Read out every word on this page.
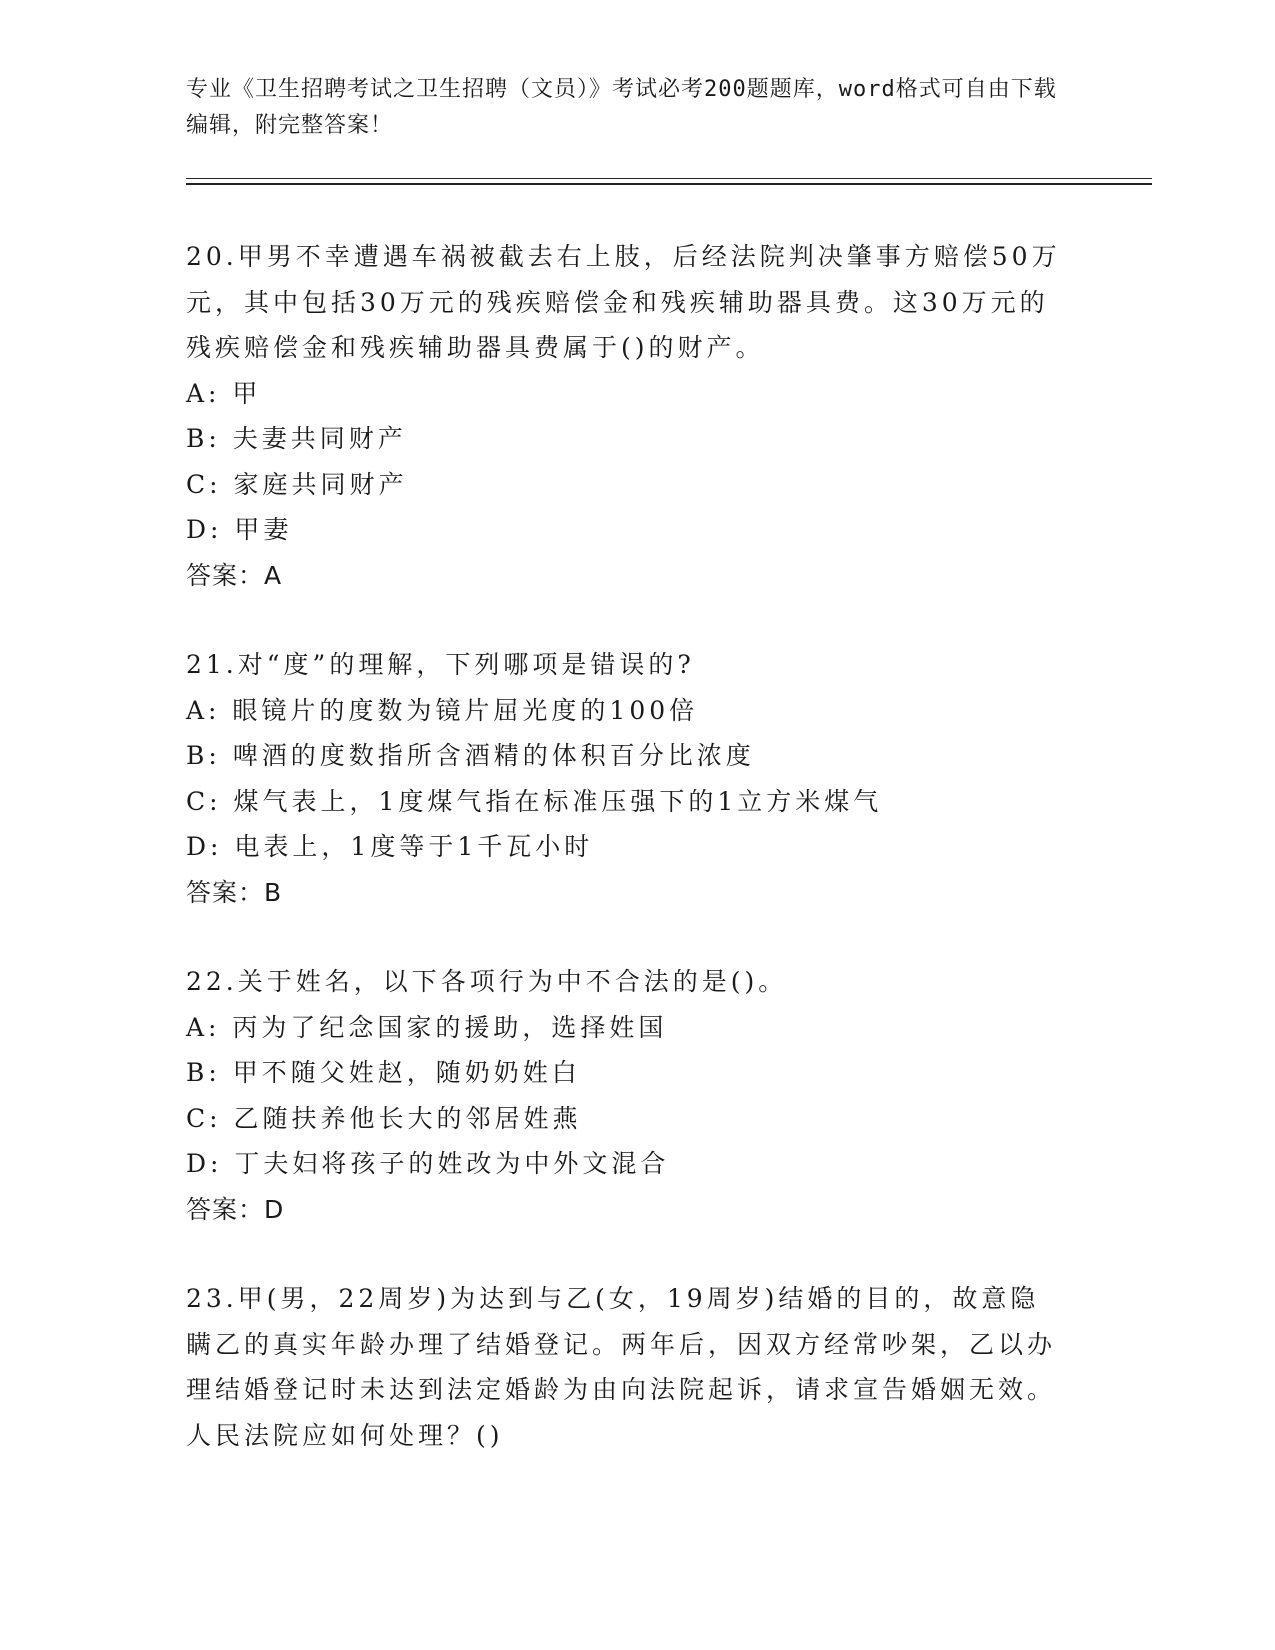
专业《卫生招聘考试之卫生招聘（文员）》考试必考200题题库，word格式可自由下载编辑，附完整答案！

20.甲男不幸遭遇车祸被截去右上肢，后经法院判决肇事方赔偿50万元，其中包括30万元的残疾赔偿金和残疾辅助器具费。这30万元的残疾赔偿金和残疾辅助器具费属于()的财产。

A: 甲

B: 夫妻共同财产

C: 家庭共同财产

D: 甲妻

答案：A

21.对“度”的理解，下列哪项是错误的?

A: 眼镜片的度数为镜片屈光度的100倍

B: 啤酒的度数指所含酒精的体积百分比浓度

C: 煤气表上，1度煤气指在标准压强下的1立方米煤气

D: 电表上，1度等于1千瓦小时

答案：B

22.关于姓名，以下各项行为中不合法的是()。

A: 丙为了纪念国家的援助，选择姓国

B: 甲不随父姓赵，随奶奶姓白

C: 乙随扶养他长大的邻居姓燕

D: 丁夫妇将孩子的姓改为中外文混合

答案：D

23.甲(男，22周岁)为达到与乙(女，19周岁)结婚的目的，故意隐瞒乙的真实年龄办理了结婚登记。两年后，因双方经常吵架，乙以办理结婚登记时未达到法定婚龄为由向法院起诉，请求宣告婚姻无效。人民法院应如何处理？()
